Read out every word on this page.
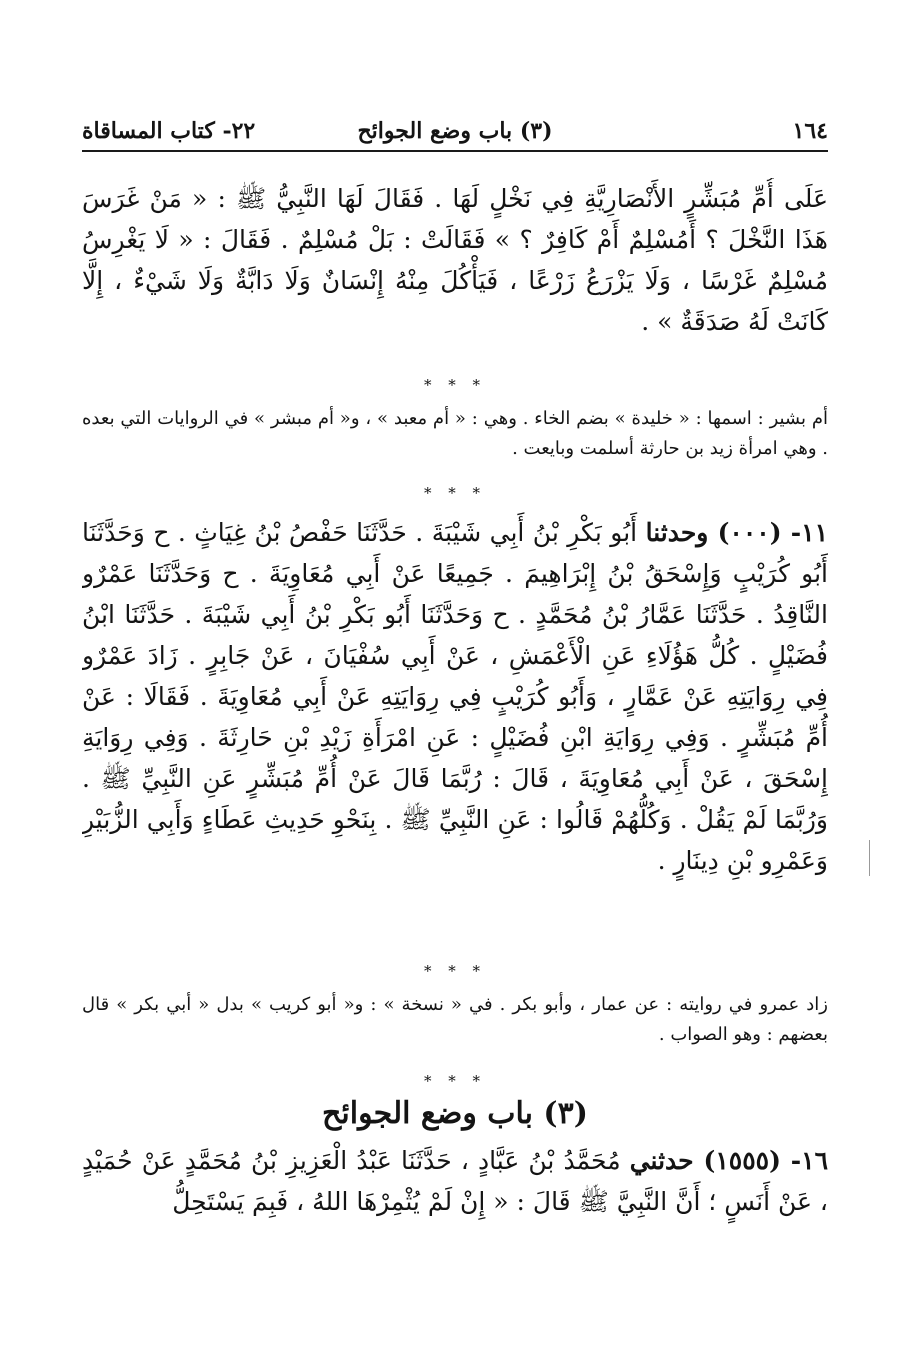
١٦٤
(٣) باب وضع الجوائح
٢٢- كتاب المساقاة

عَلَى أُمِّ مُبَشِّرٍ الأَنْصَارِيَّةِ فِي نَخْلٍ لَهَا . فَقَالَ لَهَا النَّبِيُّ ﷺ : « مَنْ غَرَسَ هَذَا النَّخْلَ ؟ أَمُسْلِمٌ أَمْ كَافِرٌ ؟ » فَقَالَتْ : بَلْ مُسْلِمٌ . فَقَالَ : « لَا يَغْرِسُ مُسْلِمٌ غَرْسًا ، وَلَا يَزْرَعُ زَرْعًا ، فَيَأْكُلَ مِنْهُ إِنْسَانٌ وَلَا دَابَّةٌ وَلَا شَيْءٌ ، إِلَّا كَانَتْ لَهُ صَدَقَةٌ » .

* * *

أم بشير : اسمها : « خليدة » بضم الخاء . وهي : « أم معبد » ، و« أم مبشر » في الروايات التي بعده . وهي امرأة زيد بن حارثة أسلمت وبايعت .

* * *

١١- (٠٠٠) وحدثنا أَبُو بَكْرِ بْنُ أَبِي شَيْبَةَ . حَدَّثَنَا حَفْصُ بْنُ غِيَاثٍ . ح وَحَدَّثَنَا أَبُو كُرَيْبٍ وَإِسْحَقُ بْنُ إِبْرَاهِيمَ . جَمِيعًا عَنْ أَبِي مُعَاوِيَةَ . ح وَحَدَّثَنَا عَمْرٌو النَّاقِدُ . حَدَّثَنَا عَمَّارُ بْنُ مُحَمَّدٍ . ح وَحَدَّثَنَا أَبُو بَكْرِ بْنُ أَبِي شَيْبَةَ . حَدَّثَنَا ابْنُ فُضَيْلٍ . كُلُّ هَؤُلَاءِ عَنِ الْأَعْمَشِ ، عَنْ أَبِي سُفْيَانَ ، عَنْ جَابِرٍ . زَادَ عَمْرٌو فِي رِوَايَتِهِ عَنْ عَمَّارٍ ، وَأَبُو كُرَيْبٍ فِي رِوَايَتِهِ عَنْ أَبِي مُعَاوِيَةَ . فَقَالَا : عَنْ أُمِّ مُبَشِّرٍ . وَفِي رِوَايَةِ ابْنِ فُضَيْلٍ : عَنِ امْرَأَةِ زَيْدِ بْنِ حَارِثَةَ . وَفِي رِوَايَةِ إِسْحَقَ ، عَنْ أَبِي مُعَاوِيَةَ ، قَالَ : رُبَّمَا قَالَ عَنْ أُمِّ مُبَشِّرٍ عَنِ النَّبِيِّ ﷺ . وَرُبَّمَا لَمْ يَقُلْ . وَكُلُّهُمْ قَالُوا : عَنِ النَّبِيِّ ﷺ . بِنَحْوِ حَدِيثِ عَطَاءٍ وَأَبِي الزُّبَيْرِ وَعَمْرِو بْنِ دِينَارٍ .

* * *

زاد عمرو في روايته : عن عمار ، وأبو بكر . في « نسخة » : و« أبو كريب » بدل « أبي بكر » قال بعضهم : وهو الصواب .

* * *
(٣) باب وضع الجوائح

١٦- (١٥٥٥) حدثني مُحَمَّدُ بْنُ عَبَّادٍ ، حَدَّثَنَا عَبْدُ الْعَزِيزِ بْنُ مُحَمَّدٍ عَنْ حُمَيْدٍ ، عَنْ أَنَسٍ ؛ أَنَّ النَّبِيَّ ﷺ قَالَ : « إِنْ لَمْ يُثْمِرْهَا اللهُ ، فَبِمَ يَسْتَحِلُّ
